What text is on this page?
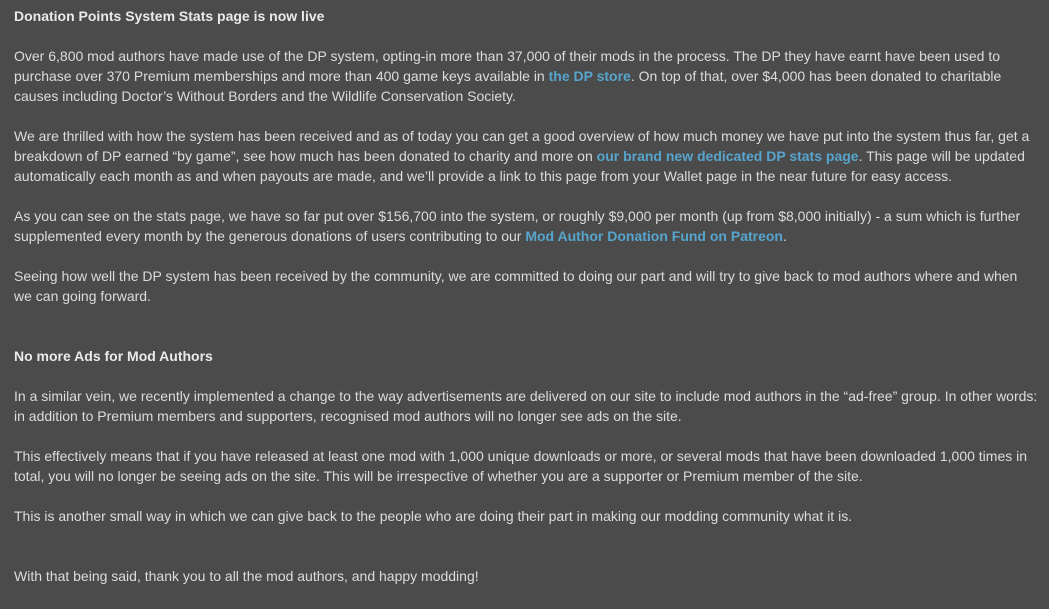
Donation Points System Stats page is now live

Over 6,800 mod authors have made use of the DP system, opting-in more than 37,000 of their mods in the process. The DP they have earnt have been used to purchase over 370 Premium memberships and more than 400 game keys available in the DP store. On top of that, over $4,000 has been donated to charitable causes including Doctor’s Without Borders and the Wildlife Conservation Society.

We are thrilled with how the system has been received and as of today you can get a good overview of how much money we have put into the system thus far, get a breakdown of DP earned “by game”, see how much has been donated to charity and more on our brand new dedicated DP stats page. This page will be updated automatically each month as and when payouts are made, and we’ll provide a link to this page from your Wallet page in the near future for easy access.

As you can see on the stats page, we have so far put over $156,700 into the system, or roughly $9,000 per month (up from $8,000 initially) - a sum which is further supplemented every month by the generous donations of users contributing to our Mod Author Donation Fund on Patreon.

Seeing how well the DP system has been received by the community, we are committed to doing our part and will try to give back to mod authors where and when we can going forward.

No more Ads for Mod Authors

In a similar vein, we recently implemented a change to the way advertisements are delivered on our site to include mod authors in the “ad-free” group. In other words: in addition to Premium members and supporters, recognised mod authors will no longer see ads on the site.

This effectively means that if you have released at least one mod with 1,000 unique downloads or more, or several mods that have been downloaded 1,000 times in total, you will no longer be seeing ads on the site. This will be irrespective of whether you are a supporter or Premium member of the site.

This is another small way in which we can give back to the people who are doing their part in making our modding community what it is.

With that being said, thank you to all the mod authors, and happy modding!
